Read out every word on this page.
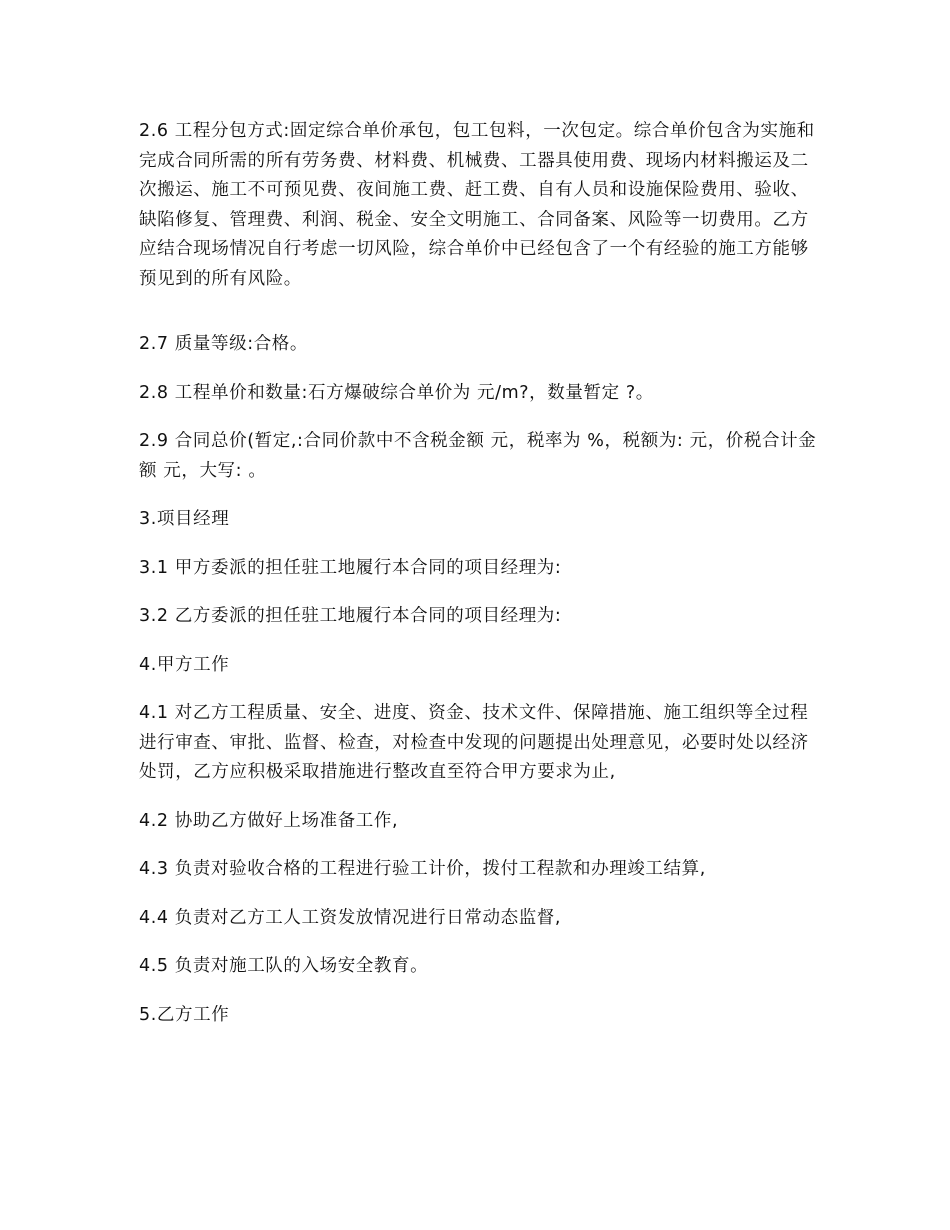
2.6 工程分包方式:固定综合单价承包，包工包料，一次包定。综合单价包含为实施和完成合同所需的所有劳务费、材料费、机械费、工器具使用费、现场内材料搬运及二次搬运、施工不可预见费、夜间施工费、赶工费、自有人员和设施保险费用、验收、缺陷修复、管理费、利润、税金、安全文明施工、合同备案、风险等一切费用。乙方应结合现场情况自行考虑一切风险，综合单价中已经包含了一个有经验的施工方能够预见到的所有风险。

2.7 质量等级:合格。

2.8 工程单价和数量:石方爆破综合单价为 元/m?，数量暂定 ?。

2.9 合同总价(暂定,:合同价款中不含税金额 元，税率为 %，税额为: 元，价税合计金额 元，大写: 。

3.项目经理

3.1 甲方委派的担任驻工地履行本合同的项目经理为:

3.2 乙方委派的担任驻工地履行本合同的项目经理为:

4.甲方工作

4.1 对乙方工程质量、安全、进度、资金、技术文件、保障措施、施工组织等全过程进行审查、审批、监督、检查，对检查中发现的问题提出处理意见，必要时处以经济处罚，乙方应积极采取措施进行整改直至符合甲方要求为止,

4.2 协助乙方做好上场准备工作,

4.3 负责对验收合格的工程进行验工计价，拨付工程款和办理竣工结算,

4.4 负责对乙方工人工资发放情况进行日常动态监督,

4.5 负责对施工队的入场安全教育。

5.乙方工作
